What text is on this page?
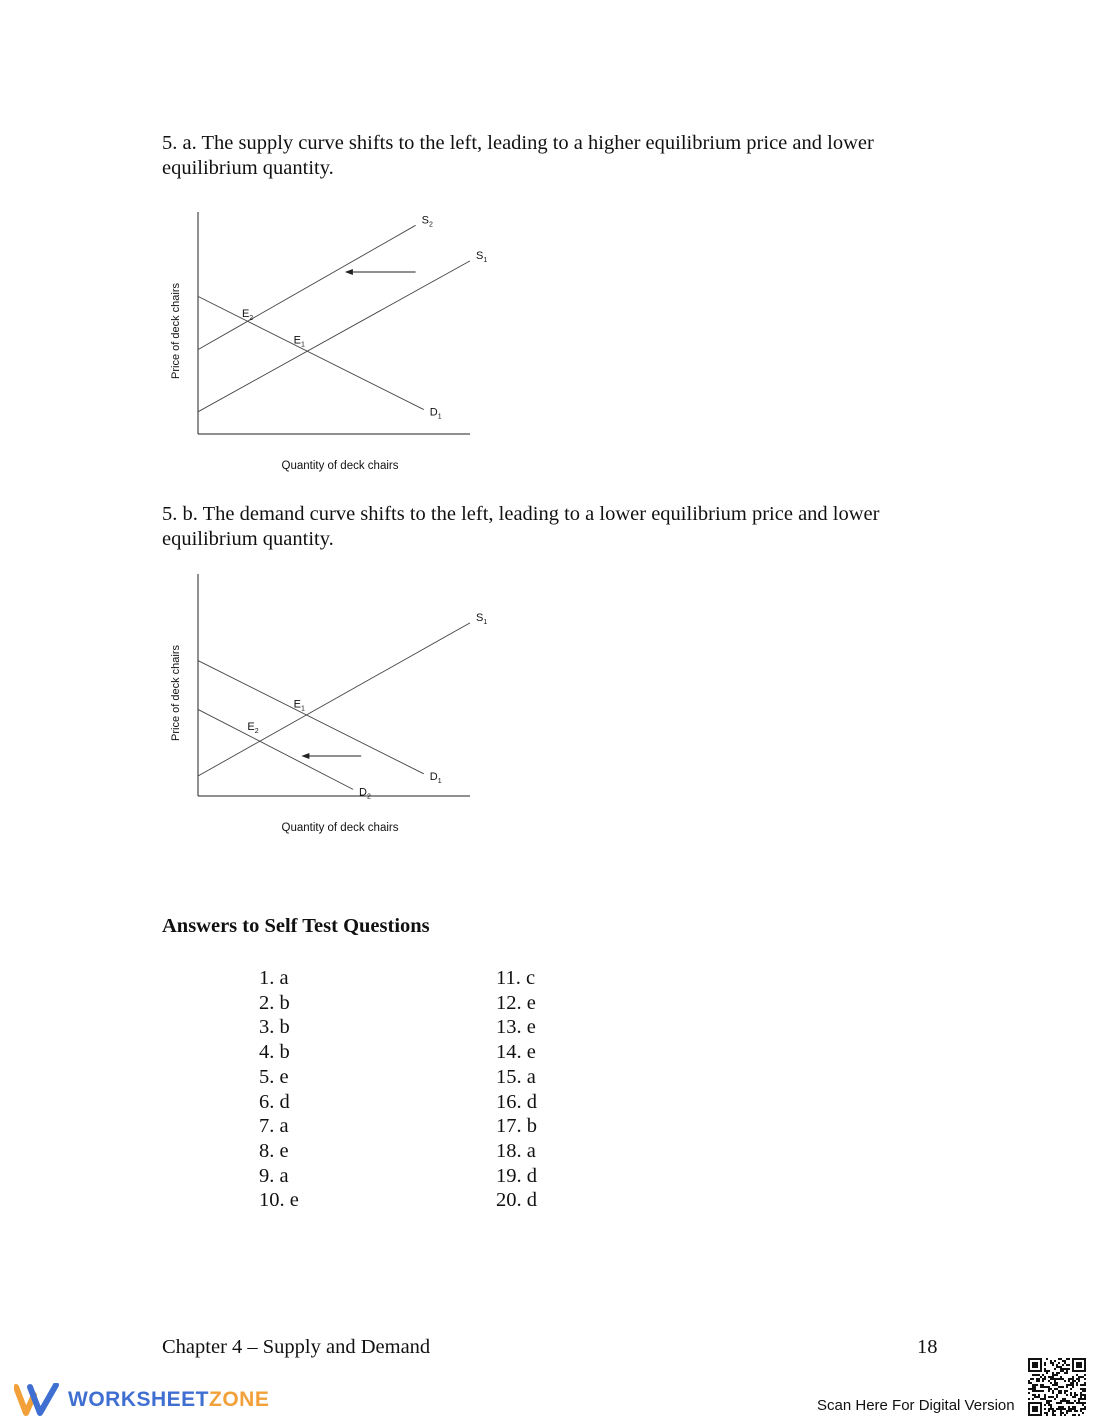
5. a. The supply curve shifts to the left, leading to a higher equilibrium price and lower equilibrium quantity.

$S_2$
$S_1$
$D_1$
$E_2$
$E_1$
Price of deck chairs
Quantity of deck chairs

5. b. The demand curve shifts to the left, leading to a lower equilibrium price and lower equilibrium quantity.

$S_1$
$D_1$
$D_2$
$E_1$
$E_2$
Price of deck chairs
Quantity of deck chairs
Answers to Self Test Questions
1. a
2. b
3. b
4. b
5. e
6. d
7. a
8. e
9. a
10. e
11. c
12. e
13. e
14. e
15. a
16. d
17. b
18. a
19. d
20. d
Chapter 4 – Supply and Demand	18
WORKSHEETZONE	Scan Here For Digital Version
